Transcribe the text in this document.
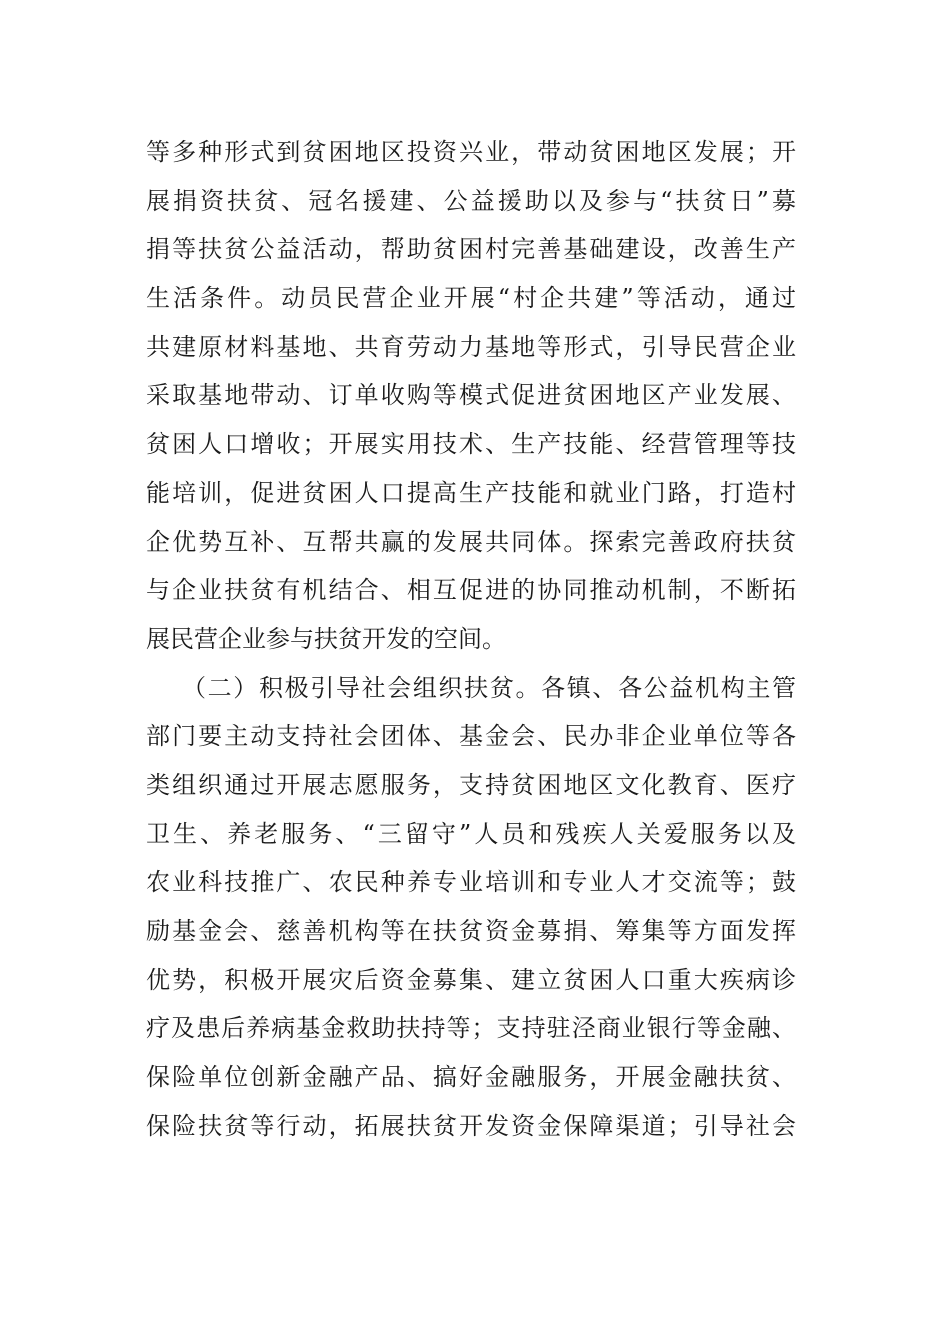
等多种形式到贫困地区投资兴业，带动贫困地区发展；开
展捐资扶贫、冠名援建、公益援助以及参与“扶贫日”募
捐等扶贫公益活动，帮助贫困村完善基础建设，改善生产
生活条件。动员民营企业开展“村企共建”等活动，通过
共建原材料基地、共育劳动力基地等形式，引导民营企业
采取基地带动、订单收购等模式促进贫困地区产业发展、
贫困人口增收；开展实用技术、生产技能、经营管理等技
能培训，促进贫困人口提高生产技能和就业门路，打造村
企优势互补、互帮共赢的发展共同体。探索完善政府扶贫
与企业扶贫有机结合、相互促进的协同推动机制，不断拓
展民营企业参与扶贫开发的空间。
（二）积极引导社会组织扶贫。各镇、各公益机构主管
部门要主动支持社会团体、基金会、民办非企业单位等各
类组织通过开展志愿服务，支持贫困地区文化教育、医疗
卫生、养老服务、“三留守”人员和残疾人关爱服务以及
农业科技推广、农民种养专业培训和专业人才交流等；鼓
励基金会、慈善机构等在扶贫资金募捐、筹集等方面发挥
优势，积极开展灾后资金募集、建立贫困人口重大疾病诊
疗及患后养病基金救助扶持等；支持驻泾商业银行等金融、
保险单位创新金融产品、搞好金融服务，开展金融扶贫、
保险扶贫等行动，拓展扶贫开发资金保障渠道；引导社会
